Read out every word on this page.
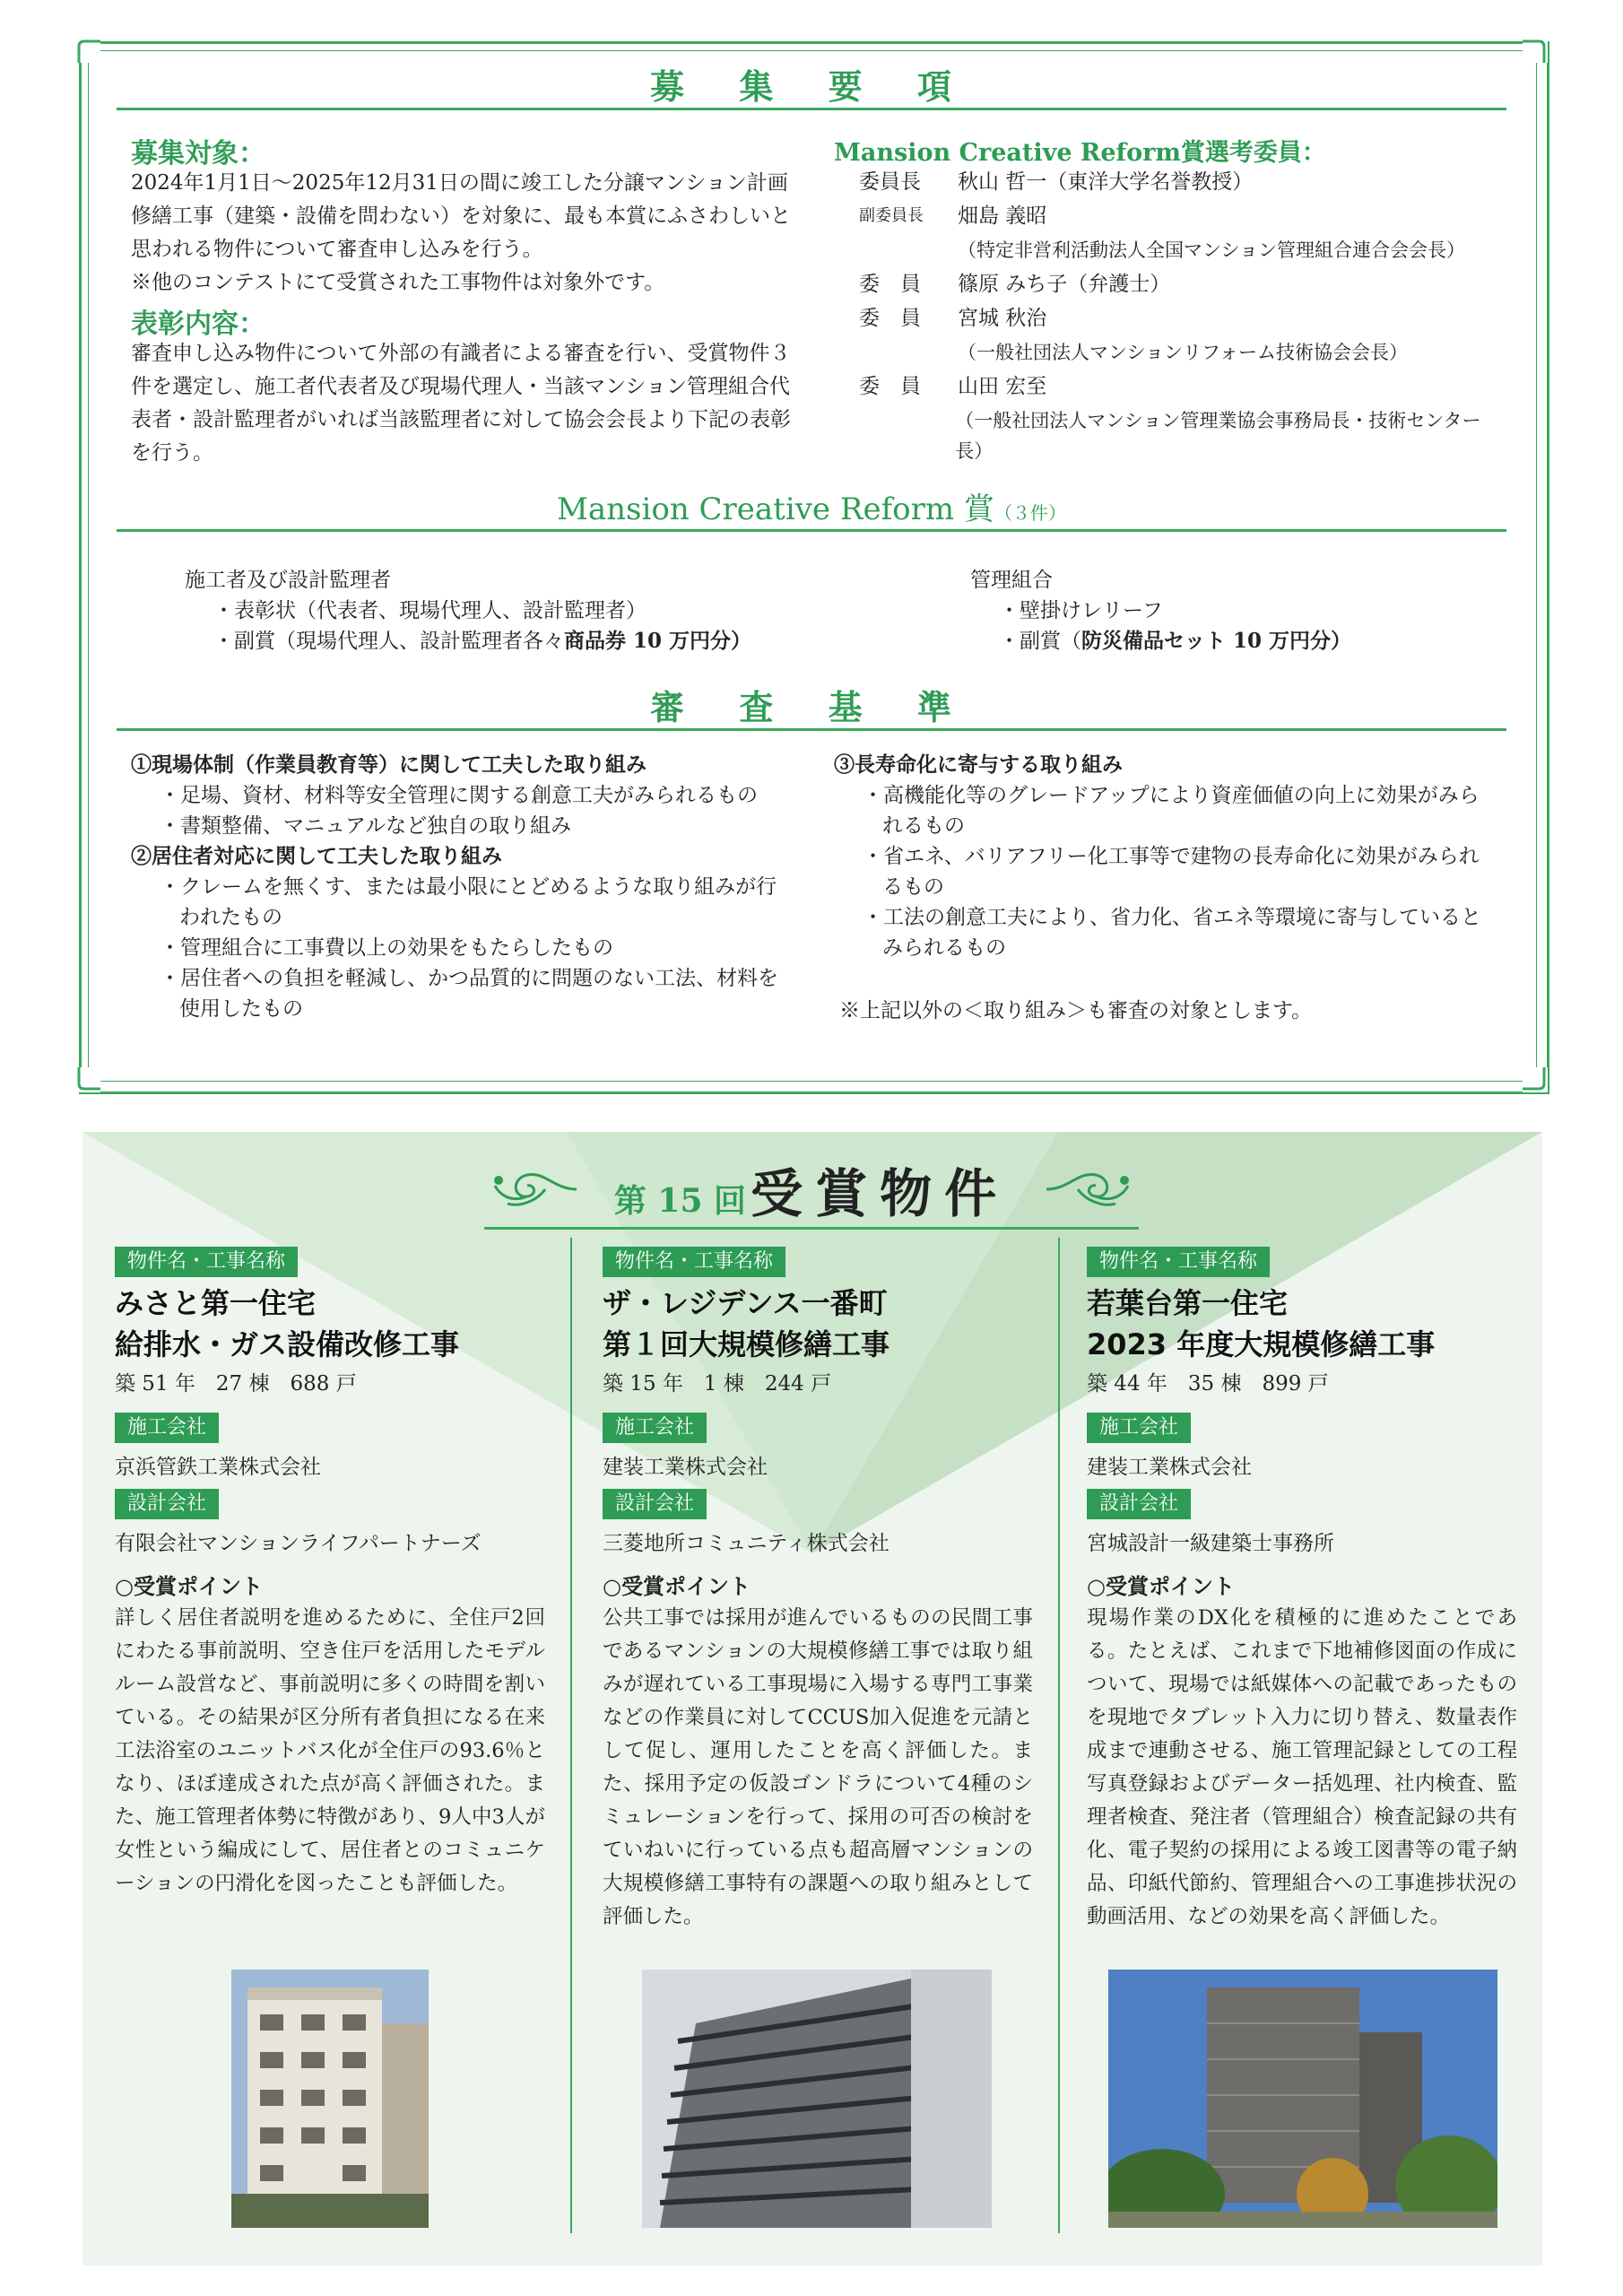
募 集 要 項
募集対象：

2024年1月1日〜2025年12月31日の間に竣工した分譲マンション計画修繕工事（建築・設備を問わない）を対象に、最も本賞にふさわしいと思われる物件について審査申し込みを行う。

※他のコンテストにて受賞された工事物件は対象外です。

表彰内容：

審査申し込み物件について外部の有識者による審査を行い、受賞物件３件を選定し、施工者代表者及び現場代理人・当該マンション管理組合代表者・設計監理者がいれば当該監理者に対して協会会長より下記の表彰を行う。

Mansion Creative Reform賞選考委員：
委員長	秋山 哲一（東洋大学名誉教授）
副委員長	畑島 義昭
（特定非営利活動法人全国マンション管理組合連合会会長）
委　員	篠原 みち子（弁護士）
委　員	宮城 秋治
（一般社団法人マンションリフォーム技術協会会長）
委　員	山田 宏至
（一般社団法人マンション管理業協会事務局長・技術センター長）
Mansion Creative Reform 賞（３件）
施工者及び設計監理者
・表彰状（代表者、現場代理人、設計監理者）
・副賞（現場代理人、設計監理者各々商品券 10 万円分）
管理組合
・壁掛けレリーフ
・副賞（防災備品セット 10 万円分）
審 査 基 準
①現場体制（作業員教育等）に関して工夫した取り組み
・足場、資材、材料等安全管理に関する創意工夫がみられるもの
・書類整備、マニュアルなど独自の取り組み
②居住者対応に関して工夫した取り組み
・クレームを無くす、または最小限にとどめるような取り組みが行われたもの
・管理組合に工事費以上の効果をもたらしたもの
・居住者への負担を軽減し、かつ品質的に問題のない工法、材料を使用したもの
③長寿命化に寄与する取り組み
・高機能化等のグレードアップにより資産価値の向上に効果がみられるもの
・省エネ、バリアフリー化工事等で建物の長寿命化に効果がみられるもの
・工法の創意工夫により、省力化、省エネ等環境に寄与しているとみられるもの
※上記以外の＜取り組み＞も審査の対象とします。
第 15 回 受賞物件
物件名・工事名称
みさと第一住宅
給排水・ガス設備改修工事
築 51 年　27 棟　688 戸
施工会社
京浜管鉄工業株式会社
設計会社
有限会社マンションライフパートナーズ
○受賞ポイント
詳しく居住者説明を進めるために、全住戸2回にわたる事前説明、空き住戸を活用したモデルルーム設営など、事前説明に多くの時間を割いている。その結果が区分所有者負担になる在来工法浴室のユニットバス化が全住戸の93.6％となり、ほぼ達成された点が高く評価された。また、施工管理者体勢に特徴があり、9人中3人が女性という編成にして、居住者とのコミュニケーションの円滑化を図ったことも評価した。
物件名・工事名称
ザ・レジデンス一番町
第１回大規模修繕工事
築 15 年　1 棟　244 戸
施工会社
建装工業株式会社
設計会社
三菱地所コミュニティ株式会社
○受賞ポイント
公共工事では採用が進んでいるものの民間工事であるマンションの大規模修繕工事では取り組みが遅れている工事現場に入場する専門工事業などの作業員に対してCCUS加入促進を元請として促し、運用したことを高く評価した。また、採用予定の仮設ゴンドラについて4種のシミュレーションを行って、採用の可否の検討をていねいに行っている点も超高層マンションの大規模修繕工事特有の課題への取り組みとして評価した。
物件名・工事名称
若葉台第一住宅
2023 年度大規模修繕工事
築 44 年　35 棟　899 戸
施工会社
建装工業株式会社
設計会社
宮城設計一級建築士事務所
○受賞ポイント
現場作業のDX化を積極的に進めたことである。たとえば、これまで下地補修図面の作成について、現場では紙媒体への記載であったものを現地でタブレット入力に切り替え、数量表作成まで連動させる、施工管理記録としての工程写真登録およびデーター括処理、社内検査、監理者検査、発注者（管理組合）検査記録の共有化、電子契約の採用による竣工図書等の電子納品、印紙代節約、管理組合への工事進捗状況の動画活用、などの効果を高く評価した。
